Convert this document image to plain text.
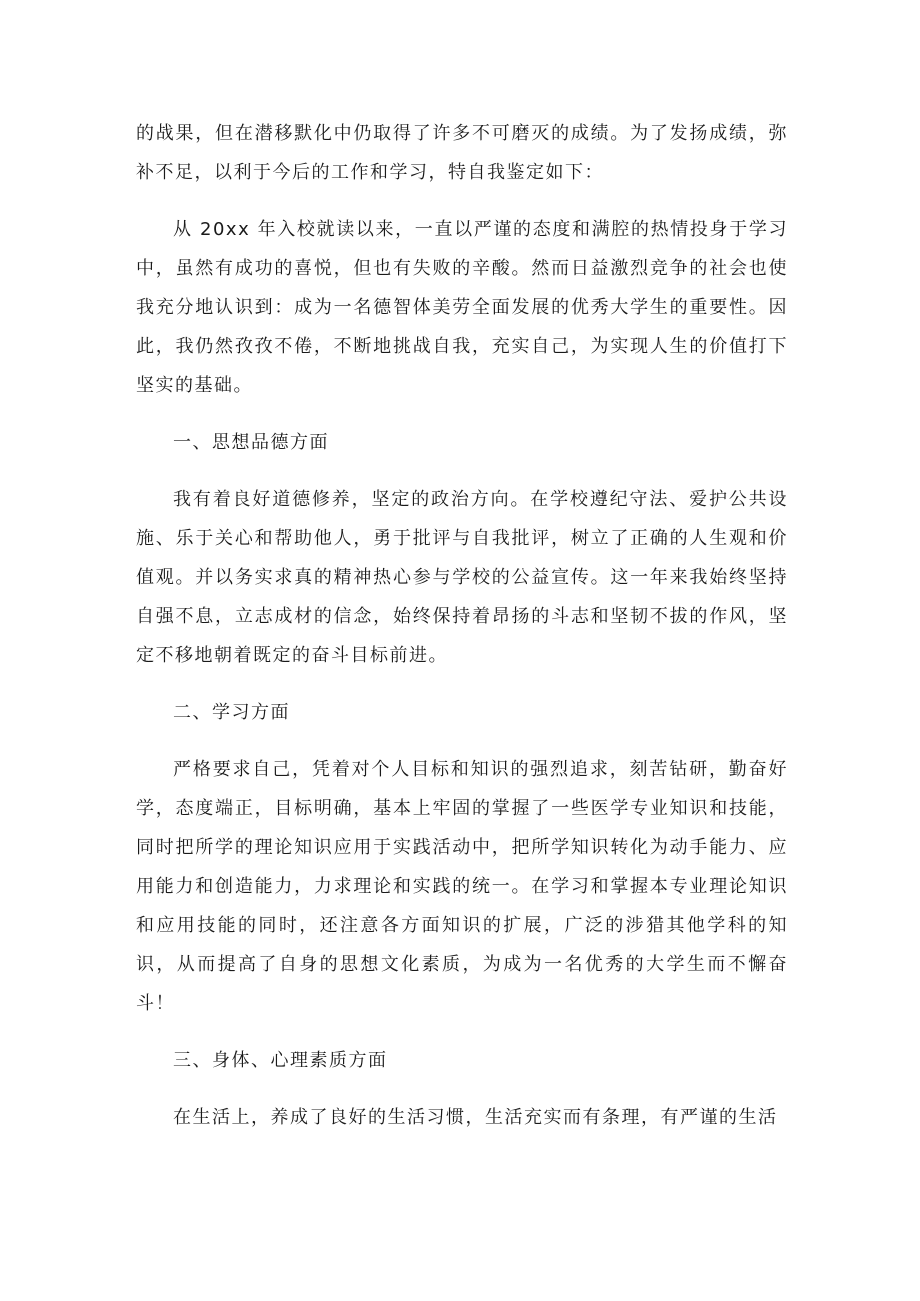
的战果，但在潜移默化中仍取得了许多不可磨灭的成绩。为了发扬成绩，弥补不足，以利于今后的工作和学习，特自我鉴定如下：

从 20xx 年入校就读以来，一直以严谨的态度和满腔的热情投身于学习中，虽然有成功的喜悦，但也有失败的辛酸。然而日益激烈竞争的社会也使我充分地认识到：成为一名德智体美劳全面发展的优秀大学生的重要性。因此，我仍然孜孜不倦，不断地挑战自我，充实自己，为实现人生的价值打下坚实的基础。

一、思想品德方面

我有着良好道德修养，坚定的政治方向。在学校遵纪守法、爱护公共设施、乐于关心和帮助他人，勇于批评与自我批评，树立了正确的人生观和价值观。并以务实求真的精神热心参与学校的公益宣传。这一年来我始终坚持自强不息，立志成材的信念，始终保持着昂扬的斗志和坚韧不拔的作风，坚定不移地朝着既定的奋斗目标前进。

二、学习方面

严格要求自己，凭着对个人目标和知识的强烈追求，刻苦钻研，勤奋好学，态度端正，目标明确，基本上牢固的掌握了一些医学专业知识和技能，同时把所学的理论知识应用于实践活动中，把所学知识转化为动手能力、应用能力和创造能力，力求理论和实践的统一。在学习和掌握本专业理论知识和应用技能的同时，还注意各方面知识的扩展，广泛的涉猎其他学科的知识，从而提高了自身的思想文化素质，为成为一名优秀的大学生而不懈奋斗！

三、身体、心理素质方面

在生活上，养成了良好的生活习惯，生活充实而有条理，有严谨的生活
